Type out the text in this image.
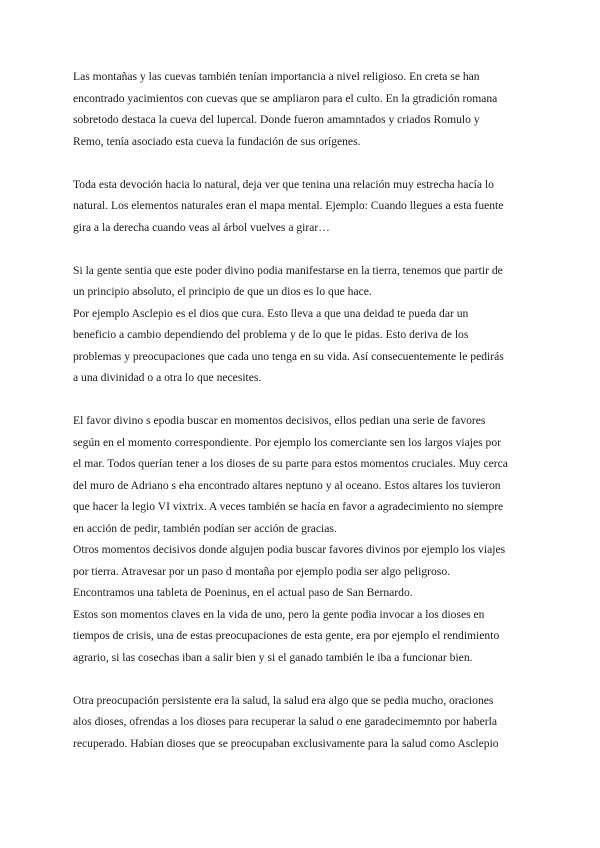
Las montañas y las cuevas también tenían importancia a nivel religioso. En creta se han
encontrado yacimientos con cuevas que se ampliaron para el culto. En la gtradición romana
sobretodo destaca la cueva del lupercal. Donde fueron amamntados y criados Romulo y
Remo, tenía asociado esta cueva la fundación de sus orígenes.
Toda esta devoción hacia lo natural, deja ver que tenina una relación muy estrecha hacía lo
natural. Los elementos naturales eran el mapa mental. Ejemplo: Cuando llegues a esta fuente
gira a la derecha cuando veas al árbol vuelves a girar…
Si la gente sentia que este poder divino podia manifestarse en la tierra, tenemos que partir de
un principio absoluto, el principio de que un dios es lo que hace.
Por ejemplo Asclepio es el dios que cura. Esto lleva a que una deidad te pueda dar un
beneficio a cambio dependiendo del problema y de lo que le pidas. Esto deriva de los
problemas y preocupaciones que cada uno tenga en su vida. Así consecuentemente le pedirás
a una divinidad o a otra lo que necesites.
El favor divino s epodia buscar en momentos decisivos, ellos pedian una serie de favores
según en el momento correspondiente. Por ejemplo los comerciante sen los largos viajes por
el mar. Todos querían tener a los dioses de su parte para estos momentos cruciales. Muy cerca
del muro de Adriano s eha encontrado altares neptuno y al oceano. Estos altares los tuvieron
que hacer la legio VI vixtrix. A veces también se hacía en favor a agradecimiento no siempre
en acción de pedir, también podían ser acción de gracias.
Otros momentos decisivos donde algujen podia buscar favores divinos por ejemplo los viajes
por tierra. Atravesar por un paso d montaña por ejemplo podia ser algo peligroso.
Encontramos una tableta de Poeninus, en el actual paso de San Bernardo.
Estos son momentos claves en la vida de uno, pero la gente podia invocar a los dioses en
tiempos de crisis, una de estas preocupaciones de esta gente, era por ejemplo el rendimiento
agrario, si las cosechas iban a salir bien y si el ganado también le iba a funcionar bien.
Otra preocupación persistente era la salud, la salud era algo que se pedia mucho, oraciones
alos dioses, ofrendas a los dioses para recuperar la salud o ene garadecimemnto por haberla
recuperado. Habían dioses que se preocupaban exclusivamente para la salud como Asclepio
